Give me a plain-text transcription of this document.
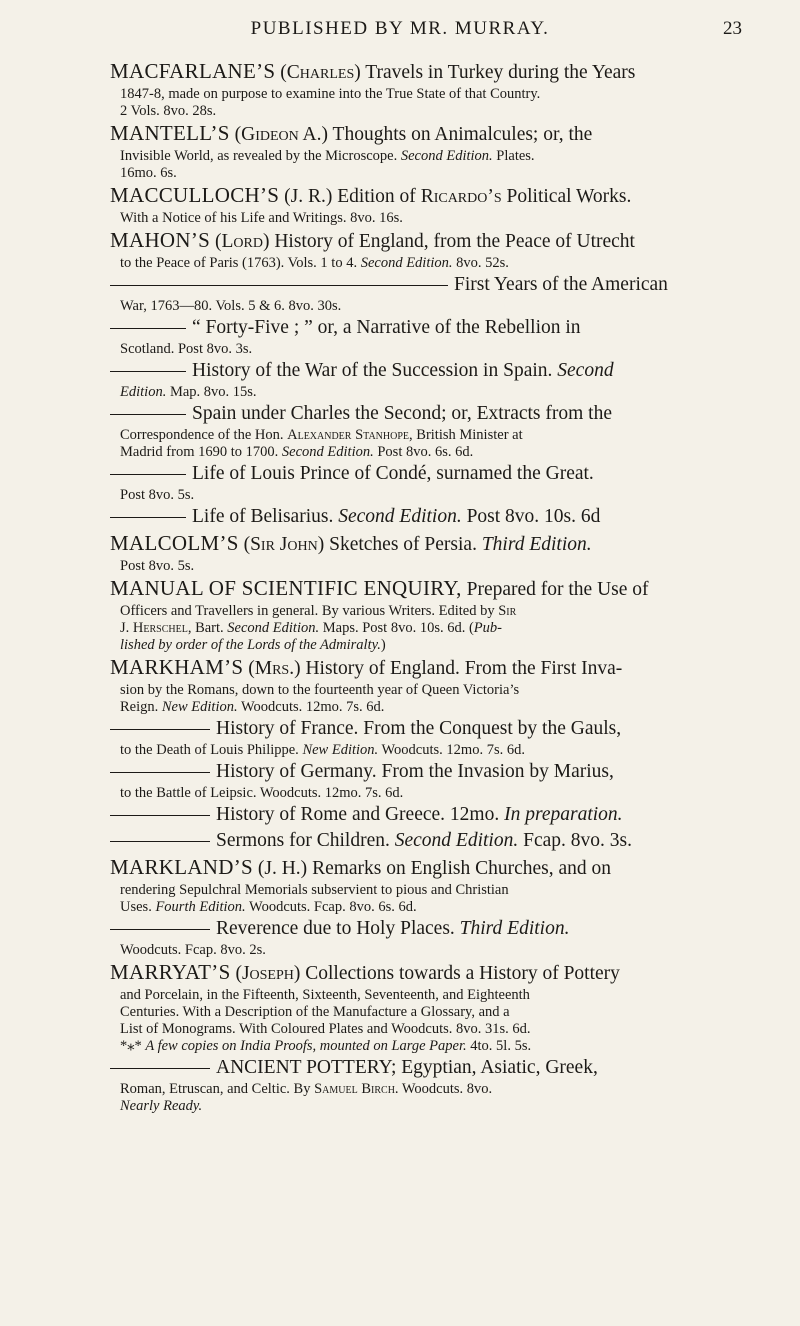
PUBLISHED BY MR. MURRAY.	23
MACFARLANE’S (Charles) Travels in Turkey during the Years
1847-8, made on purpose to examine into the True State of that Country.
2 Vols. 8vo. 28s.
MANTELL’S (Gideon A.) Thoughts on Animalcules; or, the
Invisible World, as revealed by the Microscope. Second Edition. Plates.
16mo. 6s.
MACCULLOCH’S (J. R.) Edition of Ricardo’s Political Works.
With a Notice of his Life and Writings. 8vo. 16s.
MAHON’S (Lord) History of England, from the Peace of Utrecht
to the Peace of Paris (1763). Vols. 1 to 4. Second Edition. 8vo. 52s.
First Years of the American
War, 1763—80. Vols. 5 & 6. 8vo. 30s.
“ Forty-Five ; ” or, a Narrative of the Rebellion in
Scotland. Post 8vo. 3s.
History of the War of the Succession in Spain. Second
Edition. Map. 8vo. 15s.
Spain under Charles the Second; or, Extracts from the
Correspondence of the Hon. Alexander Stanhope, British Minister at
Madrid from 1690 to 1700. Second Edition. Post 8vo. 6s. 6d.
Life of Louis Prince of Condé, surnamed the Great.
Post 8vo. 5s.
Life of Belisarius. Second Edition. Post 8vo. 10s. 6d
MALCOLM’S (Sir John) Sketches of Persia. Third Edition.
Post 8vo. 5s.
MANUAL OF SCIENTIFIC ENQUIRY, Prepared for the Use of
Officers and Travellers in general. By various Writers. Edited by Sir
J. Herschel, Bart. Second Edition. Maps. Post 8vo. 10s. 6d. (Pub-
lished by order of the Lords of the Admiralty.)
MARKHAM’S (Mrs.) History of England. From the First Inva-
sion by the Romans, down to the fourteenth year of Queen Victoria’s
Reign. New Edition. Woodcuts. 12mo. 7s. 6d.
History of France. From the Conquest by the Gauls,
to the Death of Louis Philippe. New Edition. Woodcuts. 12mo. 7s. 6d.
History of Germany. From the Invasion by Marius,
to the Battle of Leipsic. Woodcuts. 12mo. 7s. 6d.
History of Rome and Greece. 12mo. In preparation.
Sermons for Children. Second Edition. Fcap. 8vo. 3s.
MARKLAND’S (J. H.) Remarks on English Churches, and on
rendering Sepulchral Memorials subservient to pious and Christian
Uses. Fourth Edition. Woodcuts. Fcap. 8vo. 6s. 6d.
Reverence due to Holy Places. Third Edition.
Woodcuts. Fcap. 8vo. 2s.
MARRYAT’S (Joseph) Collections towards a History of Pottery
and Porcelain, in the Fifteenth, Sixteenth, Seventeenth, and Eighteenth
Centuries. With a Description of the Manufacture a Glossary, and a
List of Monograms. With Coloured Plates and Woodcuts. 8vo. 31s. 6d.
*⁎* A few copies on India Proofs, mounted on Large Paper. 4to. 5l. 5s.
ANCIENT POTTERY; Egyptian, Asiatic, Greek,
Roman, Etruscan, and Celtic. By Samuel Birch. Woodcuts. 8vo.
Nearly Ready.
